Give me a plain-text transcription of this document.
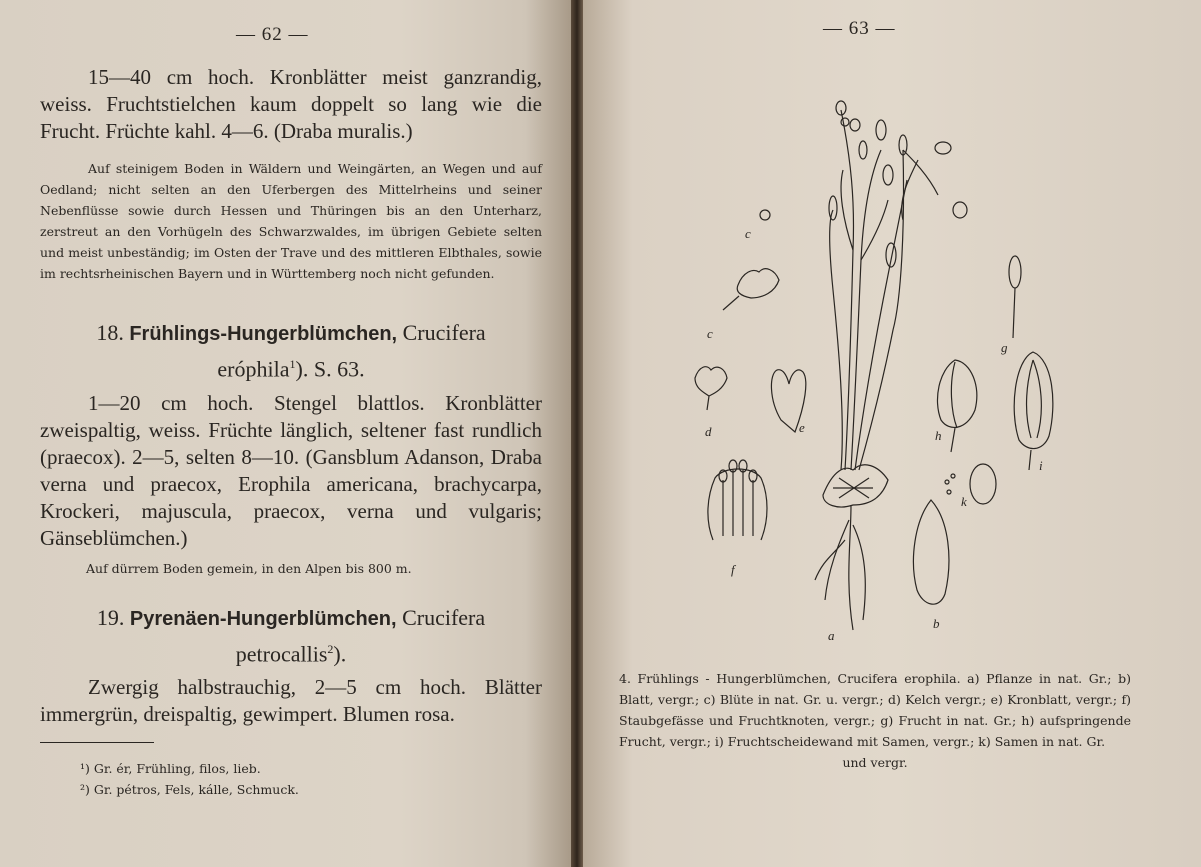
— 62 —
15—40 cm hoch. Kronblätter meist ganzrandig, weiss. Fruchtstielchen kaum doppelt so lang wie die Frucht. Früchte kahl. 4—6. (Draba muralis.)
Auf steinigem Boden in Wäldern und Weingärten, an Wegen und auf Oedland; nicht selten an den Uferbergen des Mittelrheins und seiner Nebenflüsse sowie durch Hessen und Thüringen bis an den Unterharz, zerstreut an den Vorhügeln des Schwarzwaldes, im übrigen Gebiete selten und meist unbeständig; im Osten der Trave und des mittleren Elbthales, sowie im rechtsrheinischen Bayern und in Württemberg noch nicht gefunden.
18. Frühlings-Hungerblümchen, Crucifera
eróphila$^1$). S. 63.
1—20 cm hoch. Stengel blattlos. Kronblätter zweispaltig, weiss. Früchte länglich, seltener fast rundlich (praecox). 2—5, selten 8—10. (Gansblum Adanson, Draba verna und praecox, Erophila americana, brachycarpa, Krockeri, majuscula, praecox, verna und vulgaris; Gänseblümchen.)
Auf dürrem Boden gemein, in den Alpen bis 800 m.
19. Pyrenäen-Hungerblümchen, Crucifera
petrocallis$^2$).
Zwergig halbstrauchig, 2—5 cm hoch. Blätter immergrün, dreispaltig, gewimpert. Blumen rosa.
¹) Gr. ér, Frühling, filos, lieb.
²) Gr. pétros, Fels, kálle, Schmuck.
— 63 —
a
b
c
c
d	e
f
g
h
i
k
4. Frühlings - Hungerblümchen, Crucifera erophila. a) Pflanze in nat. Gr.; b) Blatt, vergr.; c) Blüte in nat. Gr. u. vergr.; d) Kelch vergr.; e) Kronblatt, vergr.; f) Staubgefässe und Fruchtknoten, vergr.; g) Frucht in nat. Gr.; h) aufspringende Frucht, vergr.; i) Fruchtscheidewand mit Samen, vergr.; k) Samen in nat. Gr.
und vergr.
